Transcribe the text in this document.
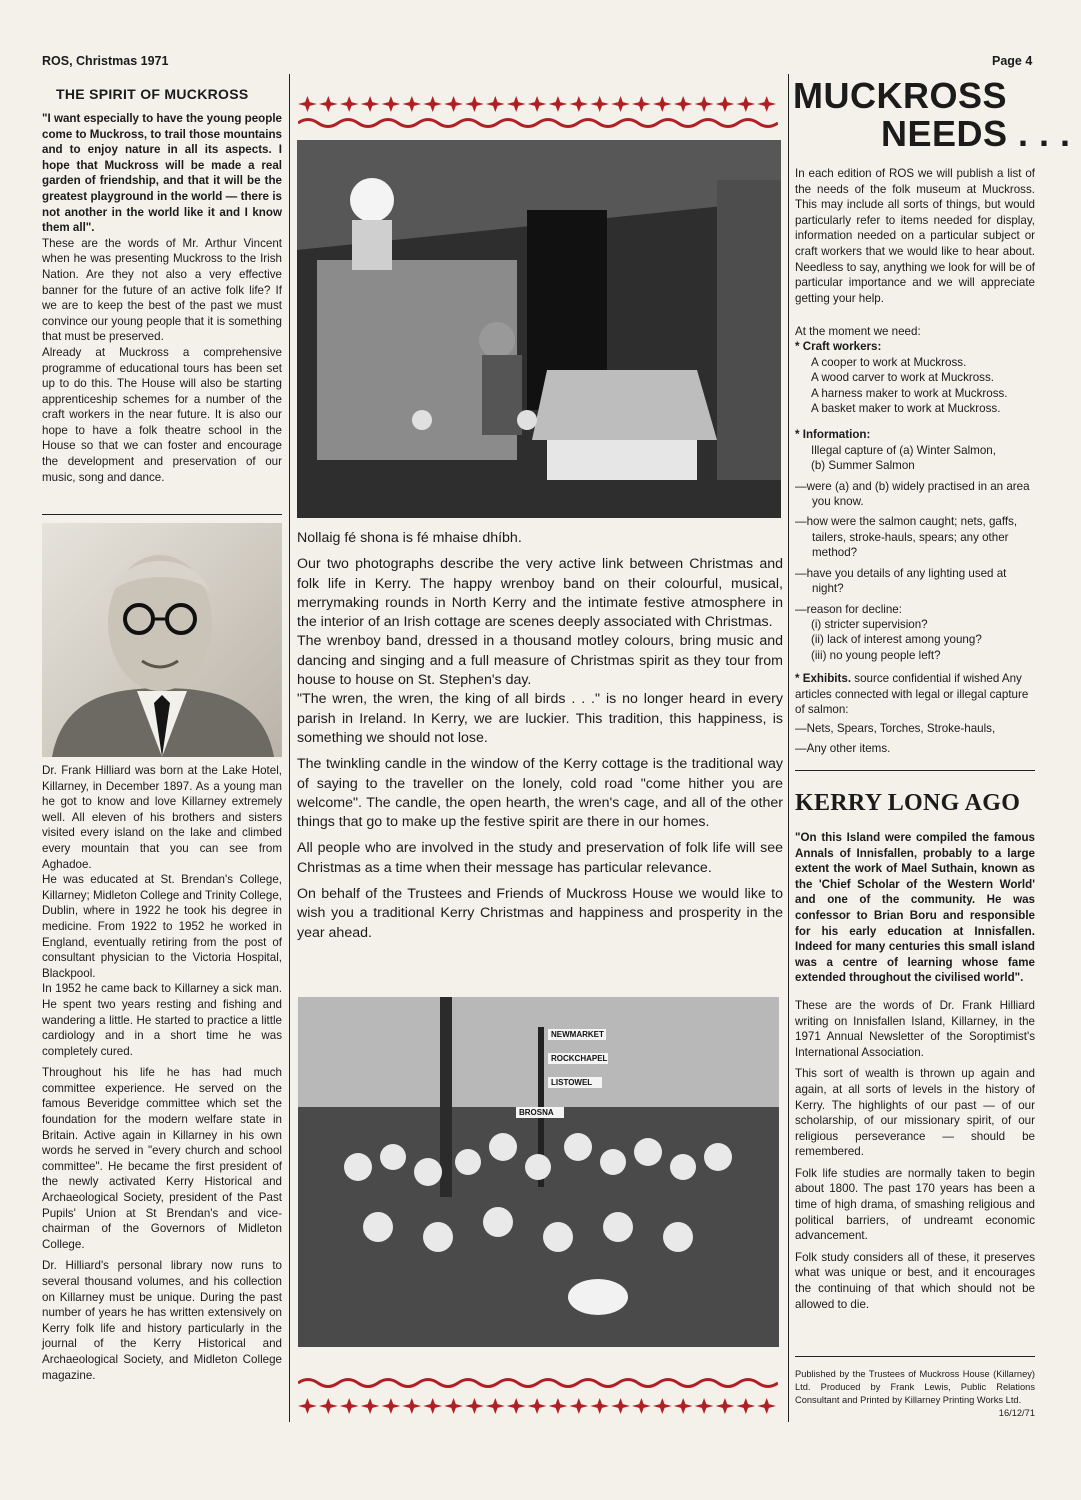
ROS, Christmas 1971	Page 4
THE SPIRIT OF MUCKROSS

"I want especially to have the young people come to Muckross, to trail those mountains and to enjoy nature in all its aspects. I hope that Muckross will be made a real garden of friendship, and that it will be the greatest playground in the world — there is not another in the world like it and I know them all".

These are the words of Mr. Arthur Vincent when he was presenting Muckross to the Irish Nation. Are they not also a very effective banner for the future of an active folk life? If we are to keep the best of the past we must convince our young people that it is something that must be preserved.

Already at Muckross a comprehensive programme of educational tours has been set up to do this. The House will also be starting apprenticeship schemes for a number of the craft workers in the near future. It is also our hope to have a folk theatre school in the House so that we can foster and encourage the development and preservation of our music, song and dance.

Dr. Frank Hilliard was born at the Lake Hotel, Killarney, in December 1897. As a young man he got to know and love Killarney extremely well. All eleven of his brothers and sisters visited every island on the lake and climbed every mountain that you can see from Aghadoe.

He was educated at St. Brendan's College, Killarney; Midleton College and Trinity College, Dublin, where in 1922 he took his degree in medicine. From 1922 to 1952 he worked in England, eventually retiring from the post of consultant physician to the Victoria Hospital, Blackpool.

In 1952 he came back to Killarney a sick man. He spent two years resting and fishing and wandering a little. He started to practice a little cardiology and in a short time he was completely cured.

Throughout his life he has had much committee experience. He served on the famous Beveridge committee which set the foundation for the modern welfare state in Britain. Active again in Killarney in his own words he served in "every church and school committee". He became the first president of the newly activated Kerry Historical and Archaeological Society, president of the Past Pupils' Union at St Brendan's and vice-chairman of the Governors of Midleton College.

Dr. Hilliard's personal library now runs to several thousand volumes, and his collection on Killarney must be unique. During the past number of years he has written extensively on Kerry folk life and history particularly in the journal of the Kerry Historical and Archaeological Society, and Midleton College magazine.

Nollaig fé shona is fé mhaise dhíbh.

Our two photographs describe the very active link between Christmas and folk life in Kerry. The happy wrenboy band on their colourful, musical, merrymaking rounds in North Kerry and the intimate festive atmosphere in the interior of an Irish cottage are scenes deeply associated with Christmas.

The wrenboy band, dressed in a thousand motley colours, bring music and dancing and singing and a full measure of Christmas spirit as they tour from house to house on St. Stephen's day.

"The wren, the wren, the king of all birds . . ." is no longer heard in every parish in Ireland. In Kerry, we are luckier. This tradition, this happiness, is something we should not lose.

The twinkling candle in the window of the Kerry cottage is the traditional way of saying to the traveller on the lonely, cold road "come hither you are welcome". The candle, the open hearth, the wren's cage, and all of the other things that go to make up the festive spirit are there in our homes.

All people who are involved in the study and preservation of folk life will see Christmas as a time when their message has particular relevance.

On behalf of the Trustees and Friends of Muckross House we would like to wish you a traditional Kerry Christmas and happiness and prosperity in the year ahead.

NEWMARKET
ROCKCHAPEL
LISTOWEL
BROSNA
MUCKROSS
NEEDS . . .

In each edition of ROS we will publish a list of the needs of the folk museum at Muckross. This may include all sorts of things, but would particularly refer to items needed for display, information needed on a particular subject or craft workers that we would like to hear about. Needless to say, anything we look for will be of particular importance and we will appreciate getting your help.

At the moment we need:
* Craft workers:
A cooper to work at Muckross.
A wood carver to work at Muckross.
A harness maker to work at Muckross.
A basket maker to work at Muckross.
* Information:
Illegal capture of (a) Winter Salmon,
(b) Summer Salmon
—were (a) and (b) widely practised in an area you know.
—how were the salmon caught; nets, gaffs, tailers, stroke-hauls, spears; any other method?
—have you details of any lighting used at night?
—reason for decline:
(i) stricter supervision?
(ii) lack of interest among young?
(iii) no young people left?
* Exhibits. source confidential if wished Any articles connected with legal or illegal capture of salmon:
—Nets, Spears, Torches, Stroke-hauls,
—Any other items.
KERRY LONG AGO

"On this Island were compiled the famous Annals of Innisfallen, probably to a large extent the work of Mael Suthain, known as the 'Chief Scholar of the Western World' and one of the community. He was confessor to Brian Boru and responsible for his early education at Innisfallen. Indeed for many centuries this small island was a centre of learning whose fame extended throughout the civilised world".

These are the words of Dr. Frank Hilliard writing on Innisfallen Island, Killarney, in the 1971 Annual Newsletter of the Soroptimist's International Association.

This sort of wealth is thrown up again and again, at all sorts of levels in the history of Kerry. The highlights of our past — of our scholarship, of our missionary spirit, of our religious perseverance — should be remembered.

Folk life studies are normally taken to begin about 1800. The past 170 years has been a time of high drama, of smashing religious and political barriers, of undreamt economic advancement.

Folk study considers all of these, it preserves what was unique or best, and it encourages the continuing of that which should not be allowed to die.

Published by the Trustees of Muckross House (Killarney) Ltd. Produced by Frank Lewis, Public Relations Consultant and Printed by Killarney Printing Works Ltd.
16/12/71
